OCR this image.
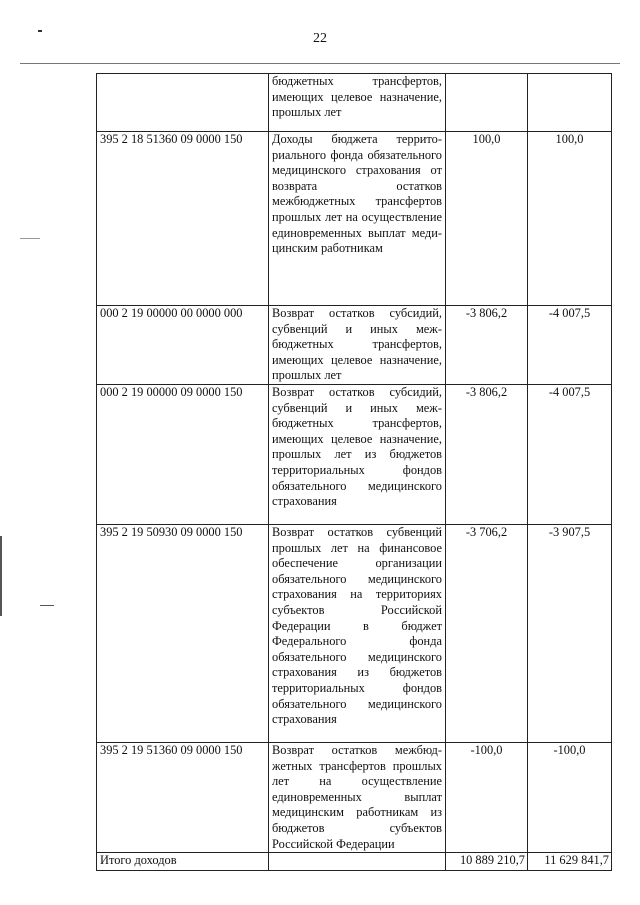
22
	бюджетных трансфертов, имеющих целевое назначение, прошлых лет		
395 2 18 51360 09 0000 150	Доходы бюджета территориального фонда обязательного медицинского страхования от возврата остатков межбюджетных трансфертов прошлых лет на осуществление единовременных выплат медицинским работникам	100,0	100,0
000 2 19 00000 00 0000 000	Возврат остатков субсидий, субвенций и иных межбюджетных трансфертов, имеющих целевое назначение, прошлых лет	-3 806,2	-4 007,5
000 2 19 00000 09 0000 150	Возврат остатков субсидий, субвенций и иных межбюджетных трансфертов, имеющих целевое назначение, прошлых лет из бюджетов территориальных фондов обязательного медицинского страхования	-3 806,2	-4 007,5
395 2 19 50930 09 0000 150	Возврат остатков субвенций прошлых лет на финансовое обеспечение организации обязательного медицинского страхования на территориях субъектов Российской Федерации в бюджет Федерального фонда обязательного медицинского страхования из бюджетов территориальных фондов обязательного медицинского страхования	-3 706,2	-3 907,5
395 2 19 51360 09 0000 150	Возврат остатков межбюджетных трансфертов прошлых лет на осуществление единовременных выплат медицинским работникам из бюджетов субъектов Российской Федерации	-100,0	-100,0
Итого доходов		10 889 210,7	11 629 841,7
